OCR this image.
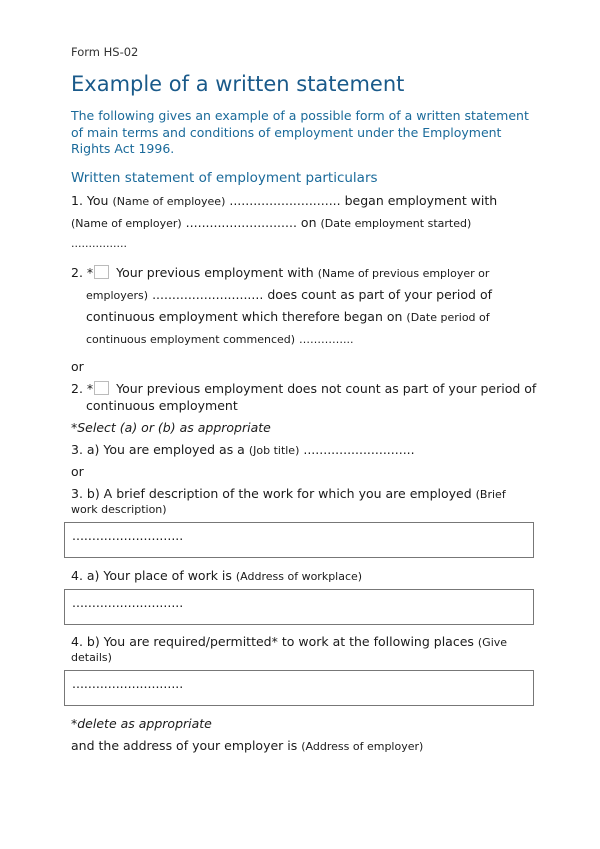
Form HS-02
Example of a written statement
The following gives an example of a possible form of a written statement of main terms and conditions of employment under the Employment Rights Act 1996.
Written statement of employment particulars
1. You (Name of employee) ............................ began employment with
(Name of employer) ............................ on (Date employment started)
................
2. * Your previous employment with (Name of previous employer or
employers) ............................ does count as part of your period of
continuous employment which therefore began on (Date period of
continuous employment commenced) …………...
or
2. * Your previous employment does not count as part of your period of
continuous employment
*Select (a) or (b) as appropriate
3. a) You are employed as a (Job title) ............................
or
3. b) A brief description of the work for which you are employed (Brief
work description)
............................
4. a) Your place of work is (Address of workplace)
............................
4. b) You are required/permitted* to work at the following places (Give
details)
............................
*delete as appropriate
and the address of your employer is (Address of employer)
